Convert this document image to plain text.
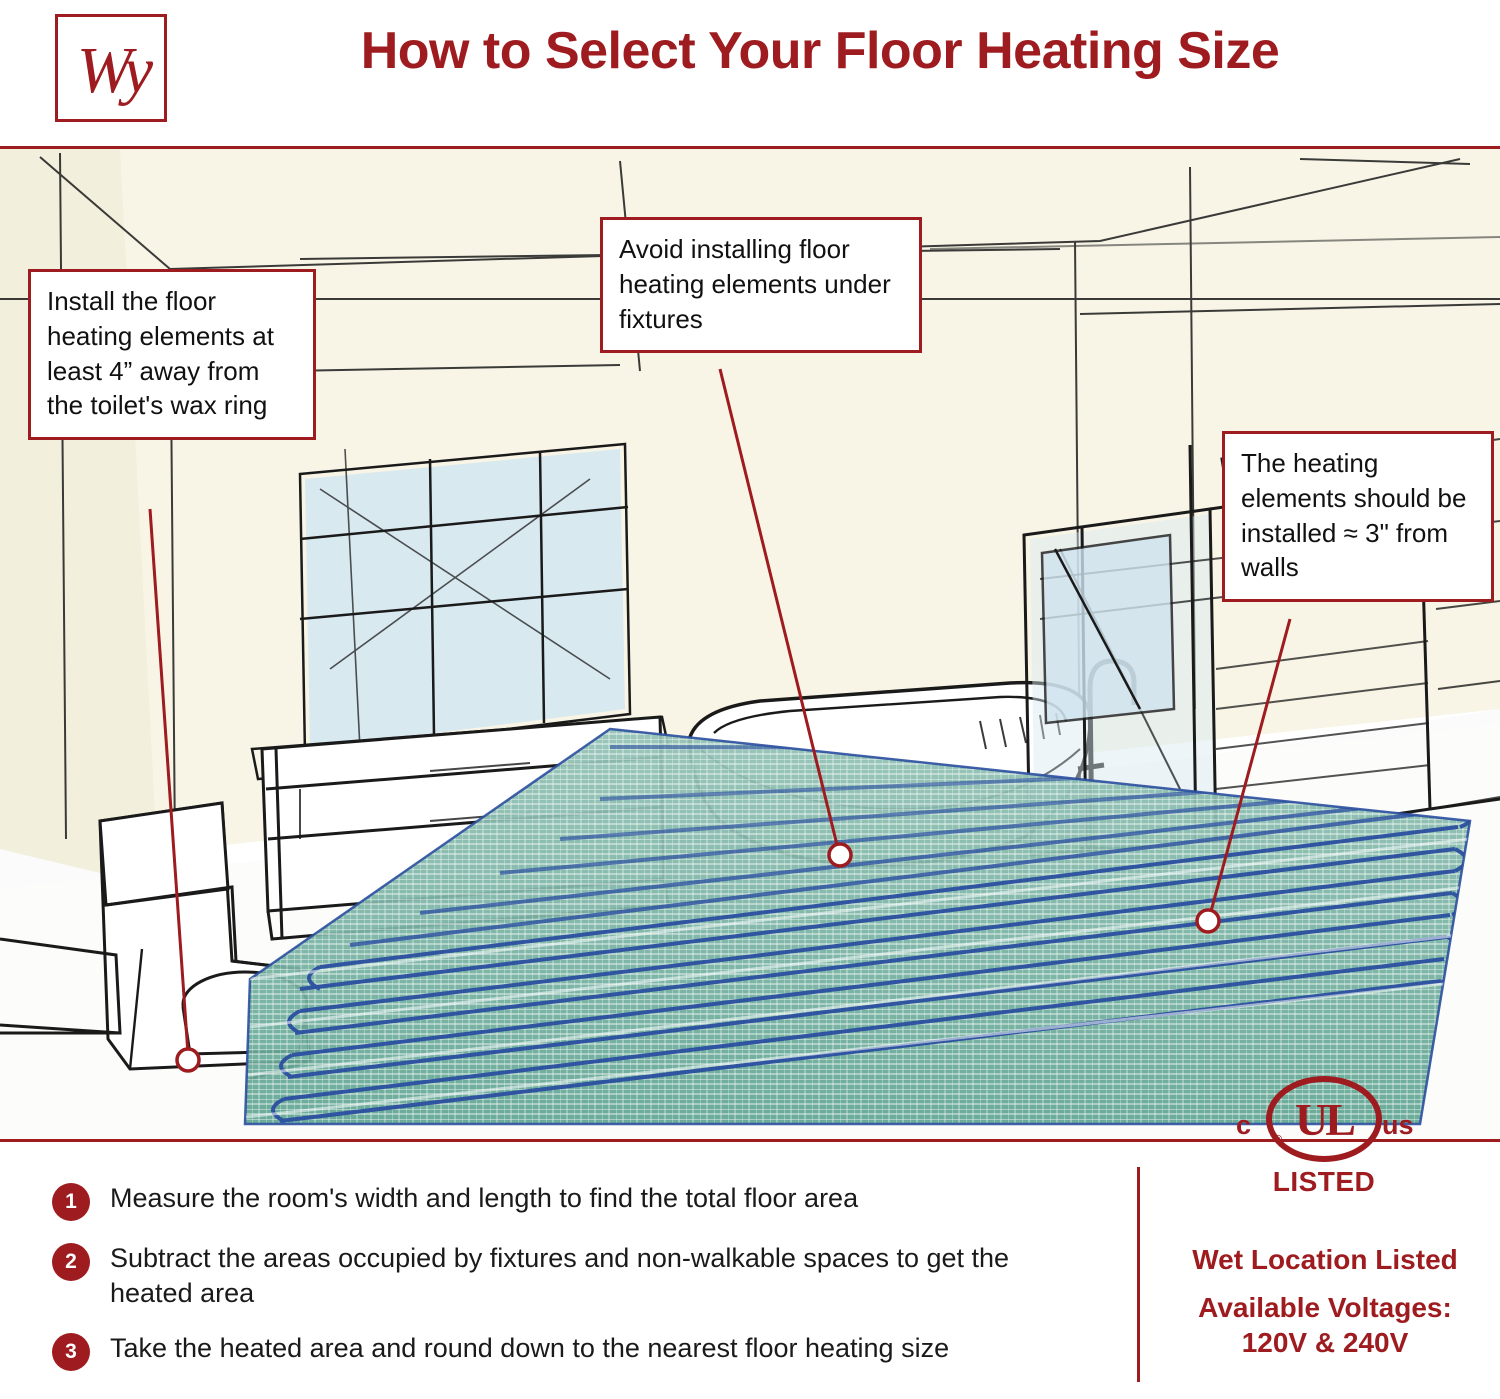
Wy	How to Select Your Floor Heating Size
Install the floor heating elements at least 4” away from the toilet's wax ring
Avoid installing floor heating elements under fixtures
The heating elements should be installed ≈ 3" from walls
1	Measure the room's width and length to find the total floor area
2	Subtract the areas occupied by fixtures and non-walkable spaces to get the heated area
3	Take the heated area and round down to the nearest floor heating size
c UL
®	us
LISTED
Wet Location Listed
Available Voltages:
120V & 240V
